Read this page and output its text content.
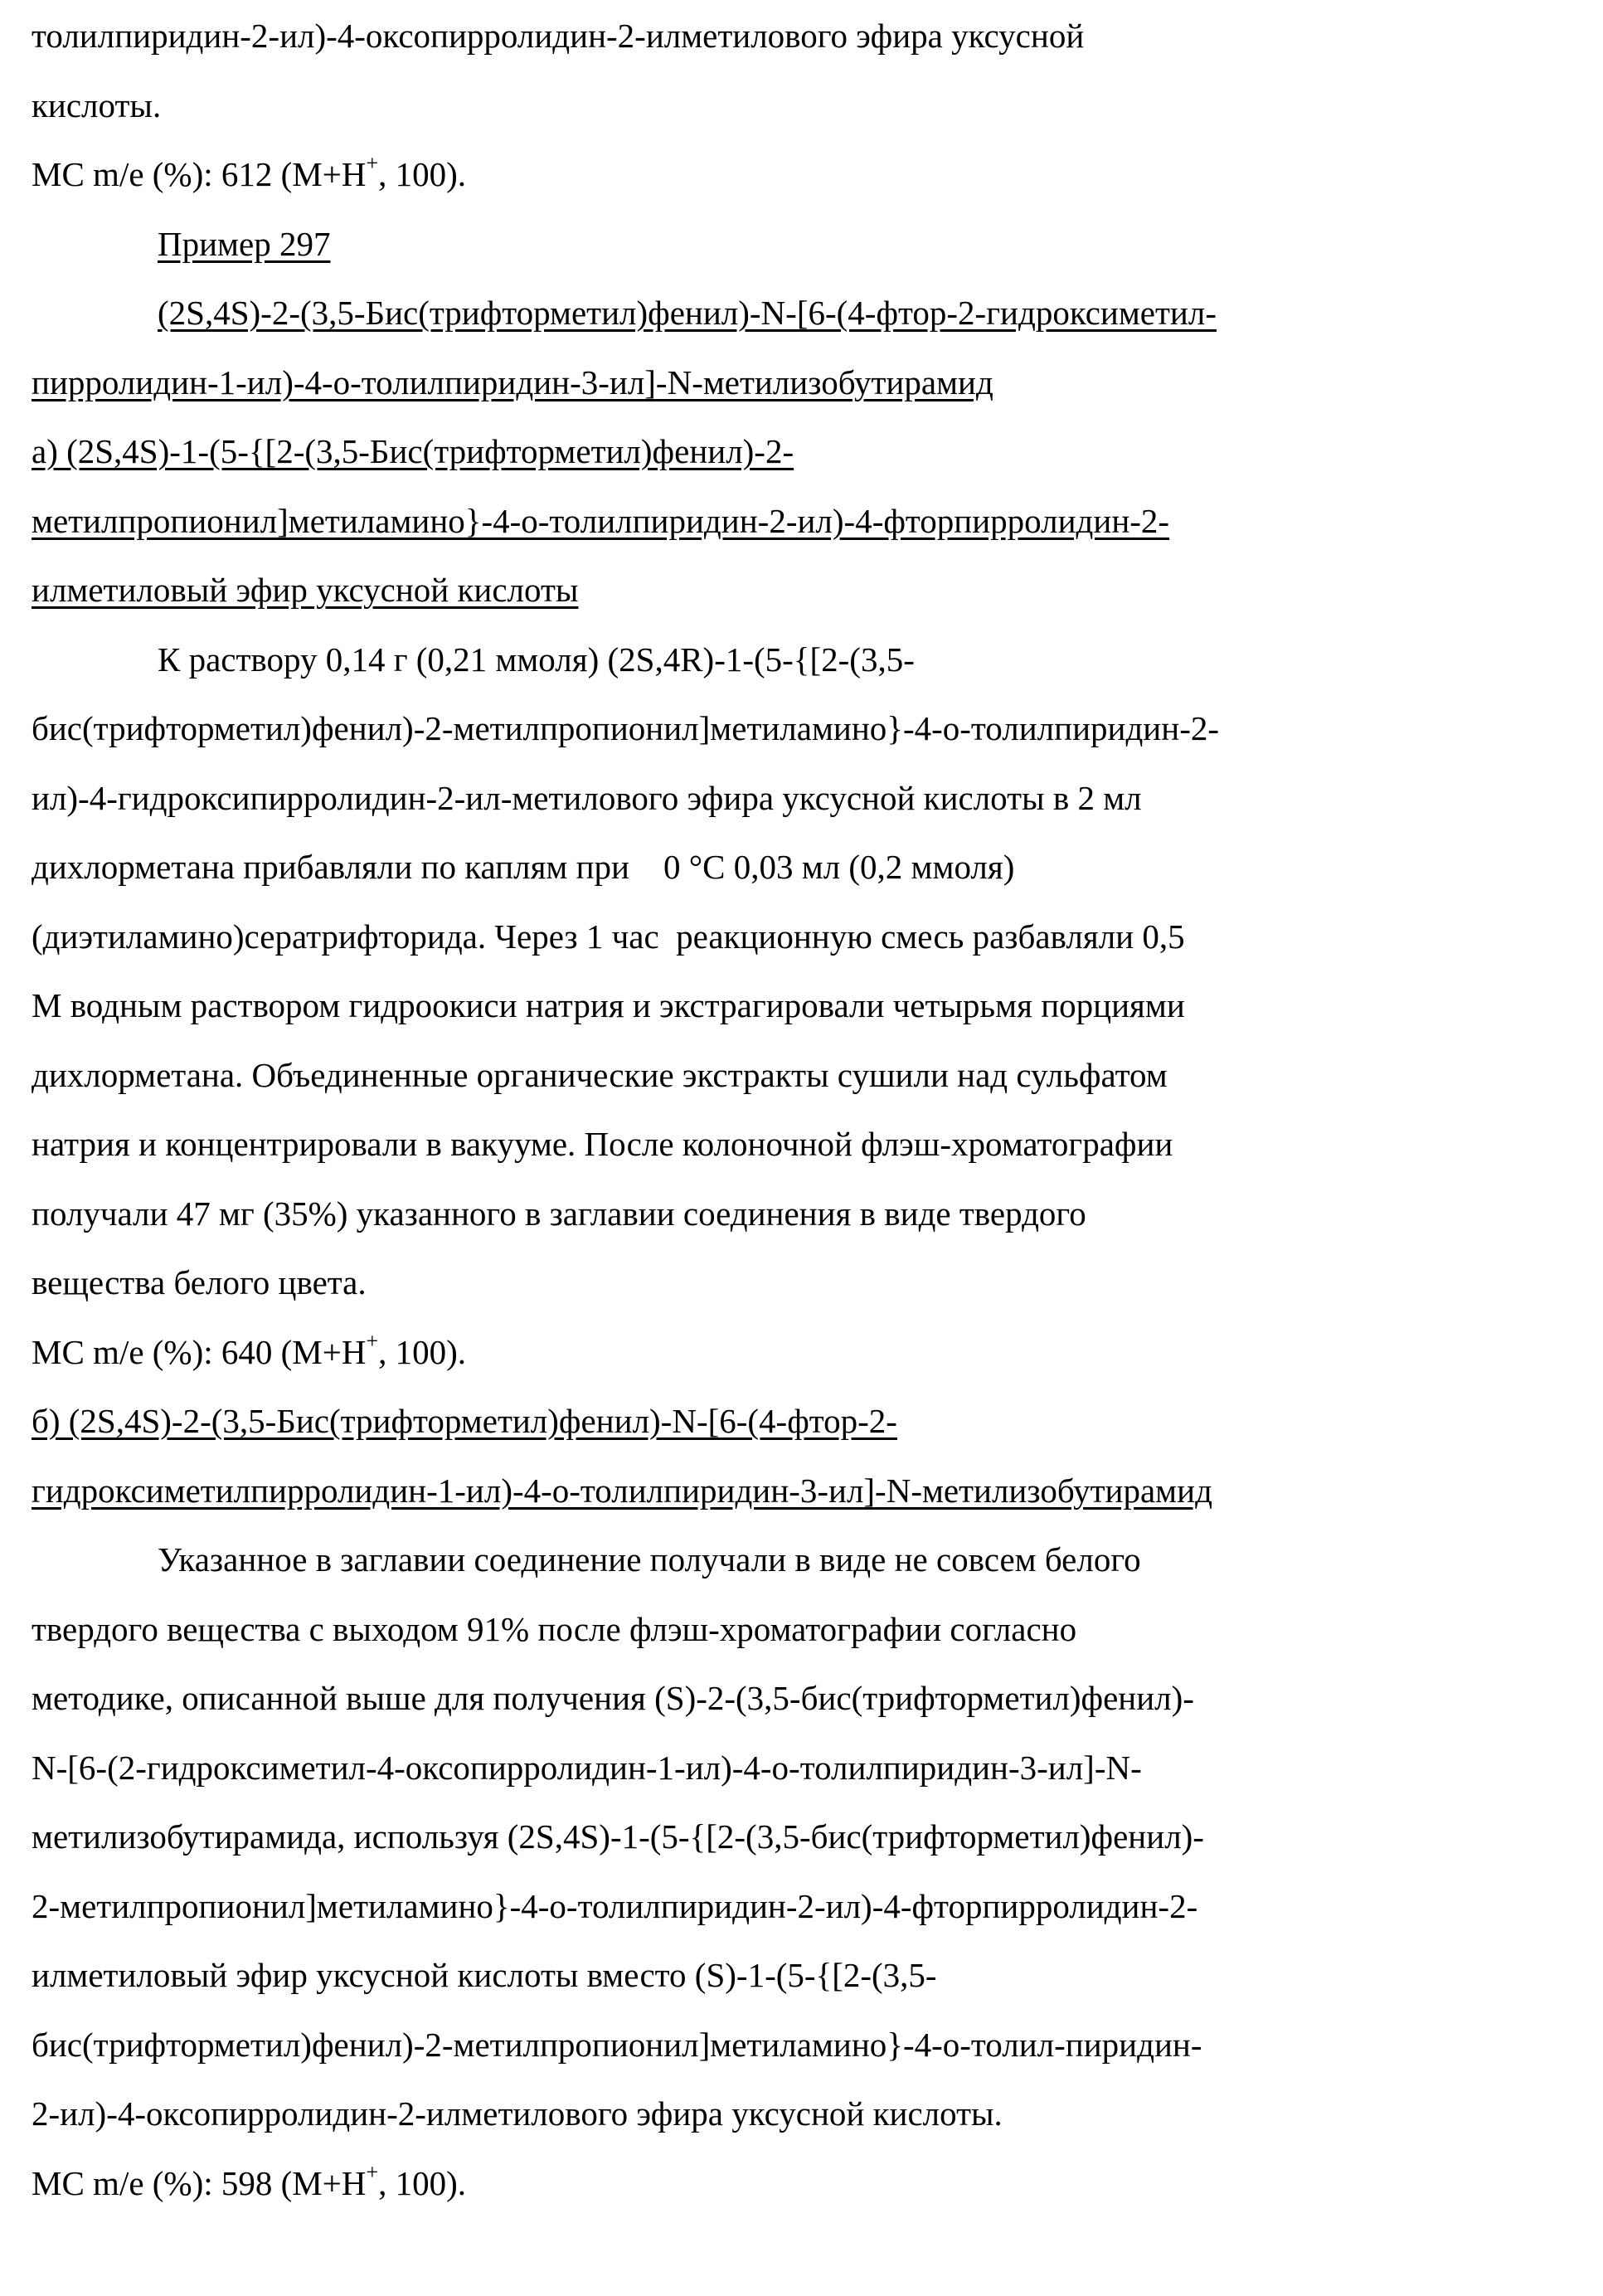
толилпиридин-2-ил)-4-оксопирролидин-2-илметилового эфира уксусной
кислоты.
МС m/e (%): 612 (M+H+, 100).
Пример 297
(2S,4S)-2-(3,5-Бис(трифторметил)фенил)-N-[6-(4-фтор-2-гидроксиметил-
пирролидин-1-ил)-4-о-толилпиридин-3-ил]-N-метилизобутирамид
а) (2S,4S)-1-(5-{[2-(3,5-Бис(трифторметил)фенил)-2-
метилпропионил]метиламино}-4-о-толилпиридин-2-ил)-4-фторпирролидин-2-
илметиловый эфир уксусной кислоты
К раствору 0,14 г (0,21 ммоля) (2S,4R)-1-(5-{[2-(3,5-
бис(трифторметил)фенил)-2-метилпропионил]метиламино}-4-о-толилпиридин-2-
ил)-4-гидроксипирролидин-2-ил-метилового эфира уксусной кислоты в 2 мл
дихлорметана прибавляли по каплям при    0 °C 0,03 мл (0,2 ммоля)
(диэтиламино)сератрифторида. Через 1 час  реакционную смесь разбавляли 0,5
М водным раствором гидроокиси натрия и экстрагировали четырьмя порциями
дихлорметана. Объединенные органические экстракты сушили над сульфатом
натрия и концентрировали в вакууме. После колоночной флэш-хроматографии
получали 47 мг (35%) указанного в заглавии соединения в виде твердого
вещества белого цвета.
МС m/e (%): 640 (M+H+, 100).
б) (2S,4S)-2-(3,5-Бис(трифторметил)фенил)-N-[6-(4-фтор-2-
гидроксиметилпирролидин-1-ил)-4-о-толилпиридин-3-ил]-N-метилизобутирамид
Указанное в заглавии соединение получали в виде не совсем белого
твердого вещества с выходом 91% после флэш-хроматографии согласно
методике, описанной выше для получения (S)-2-(3,5-бис(трифторметил)фенил)-
N-[6-(2-гидроксиметил-4-оксопирролидин-1-ил)-4-о-толилпиридин-3-ил]-N-
метилизобутирамида, используя (2S,4S)-1-(5-{[2-(3,5-бис(трифторметил)фенил)-
2-метилпропионил]метиламино}-4-о-толилпиридин-2-ил)-4-фторпирролидин-2-
илметиловый эфир уксусной кислоты вместо (S)-1-(5-{[2-(3,5-
бис(трифторметил)фенил)-2-метилпропионил]метиламино}-4-о-толил-пиридин-
2-ил)-4-оксопирролидин-2-илметилового эфира уксусной кислоты.
МС m/e (%): 598 (M+H+, 100).
